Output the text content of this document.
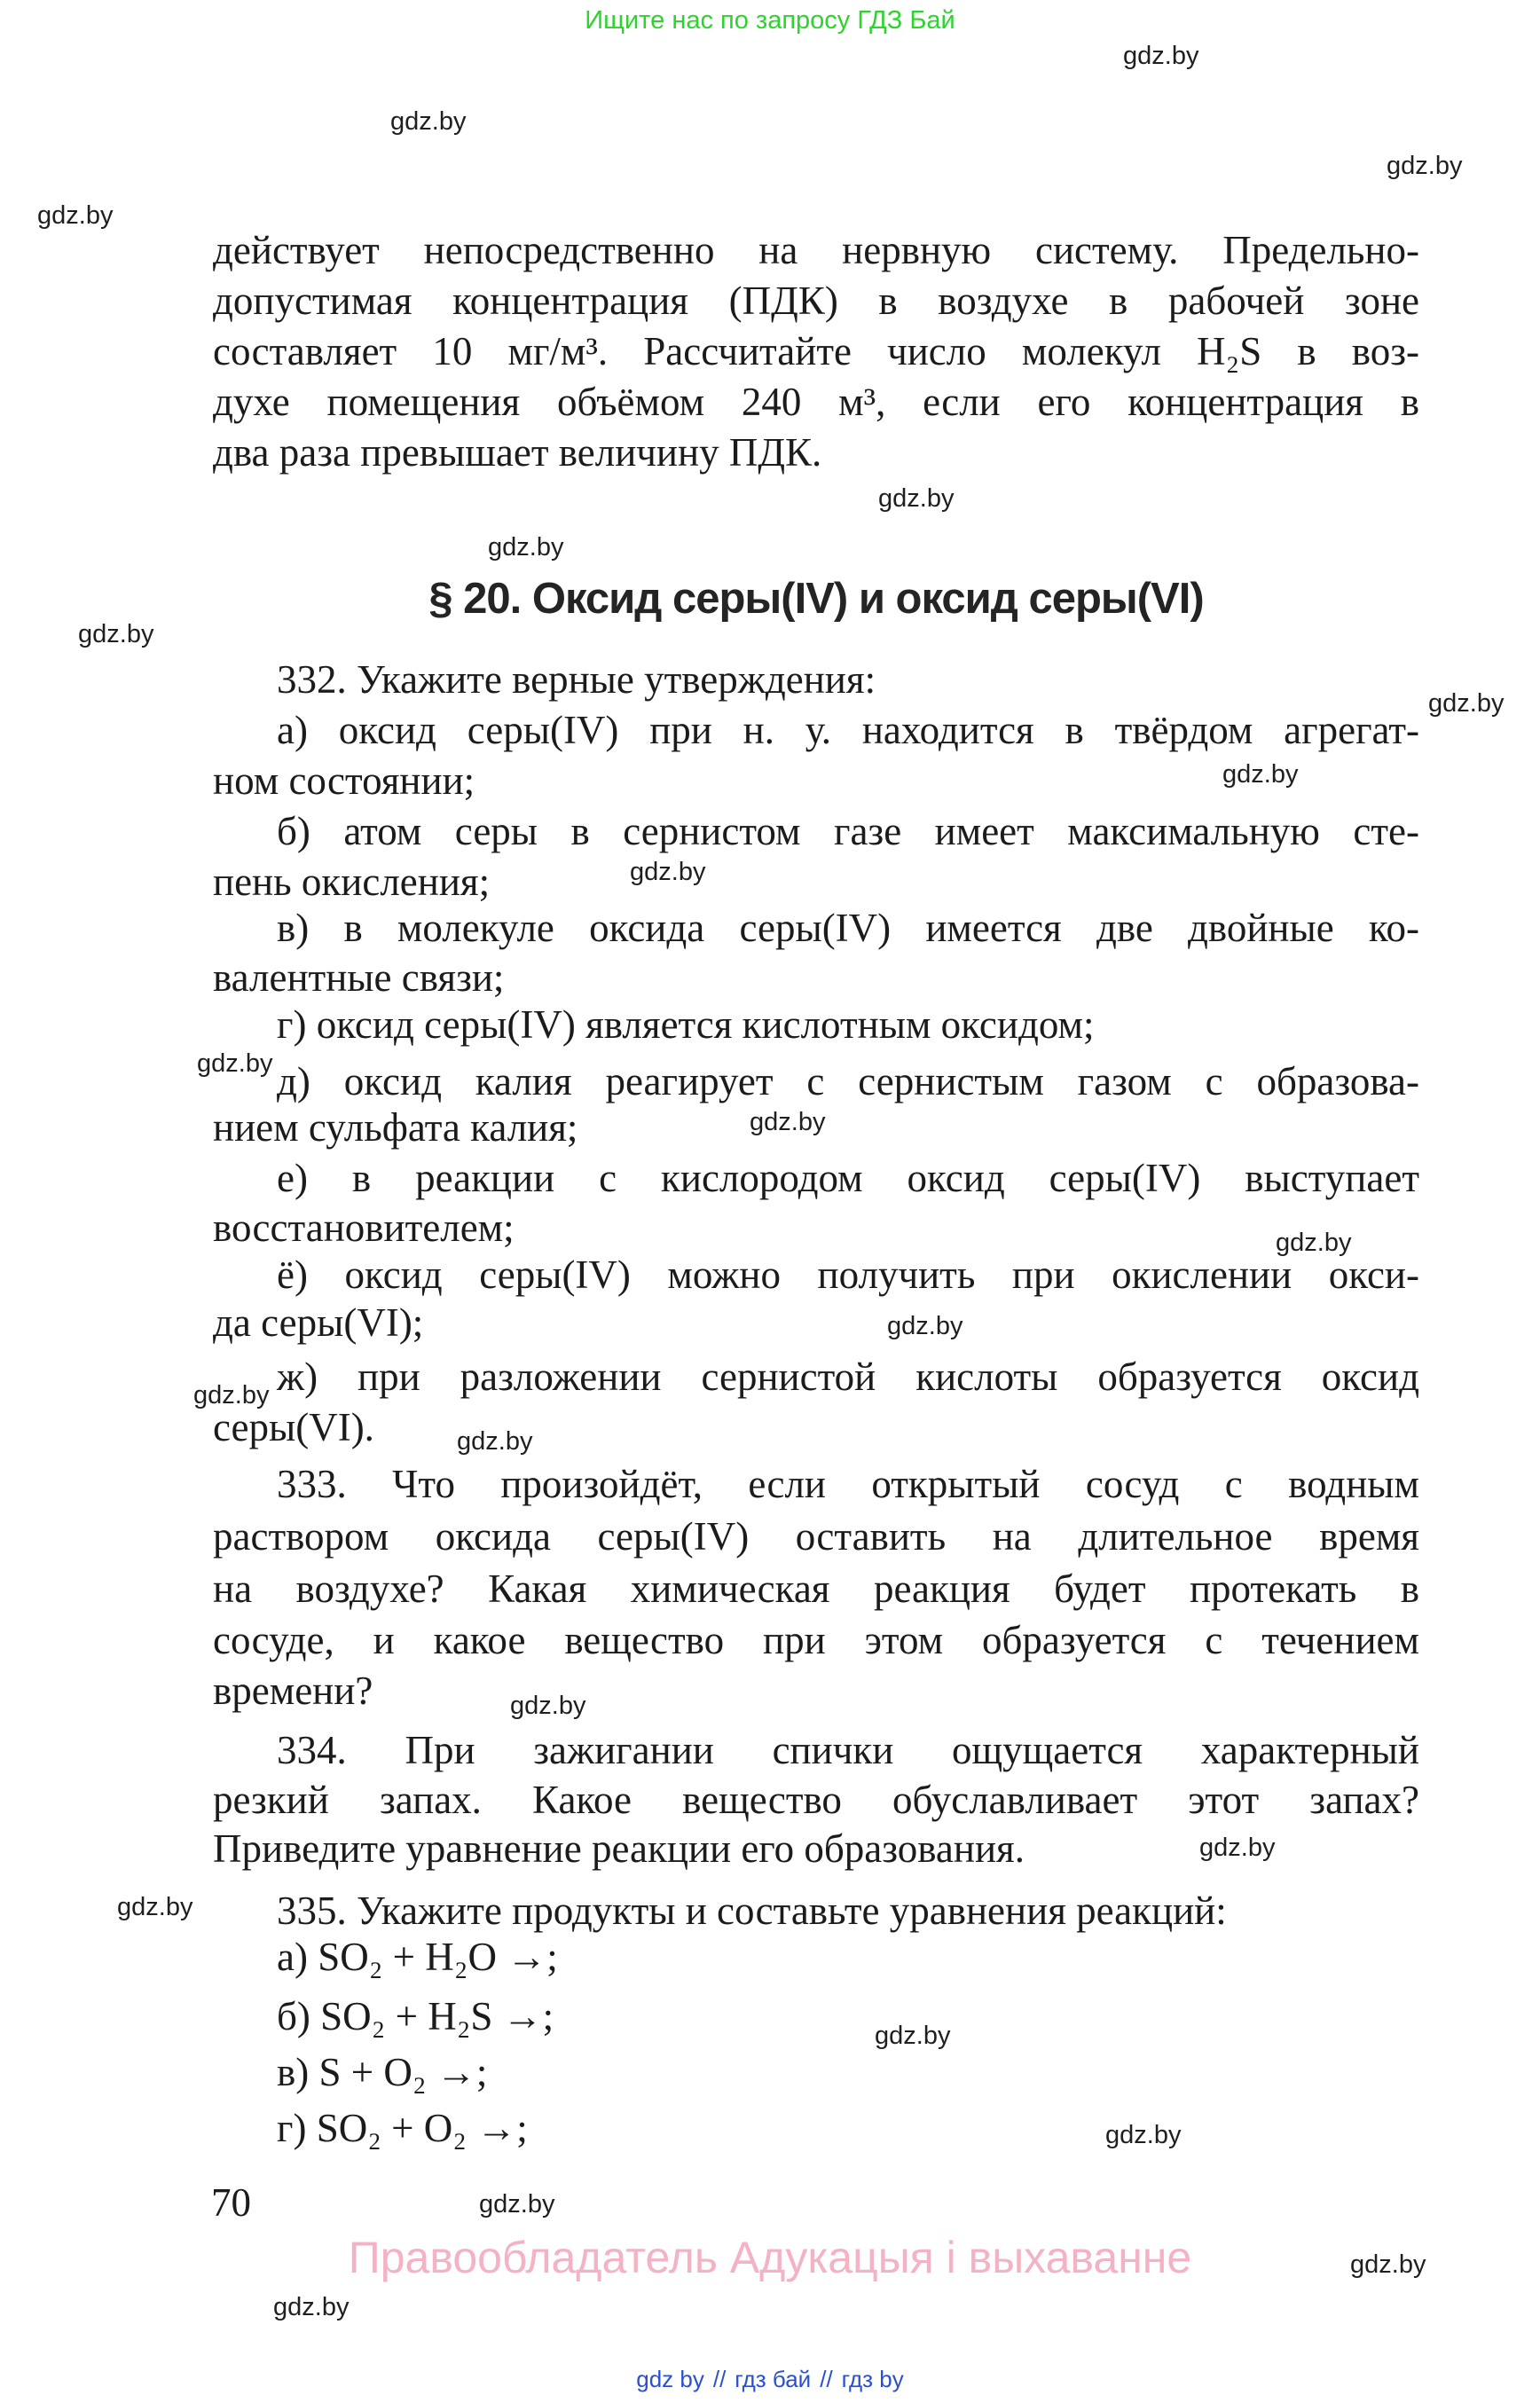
Ищите нас по запросу ГДЗ Бай
gdz.by
gdz.by
gdz.by
gdz.by
gdz.by
gdz.by
gdz.by
gdz.by
gdz.by
gdz.by
gdz.by
gdz.by
gdz.by
gdz.by
gdz.by
gdz.by
gdz.by
gdz.by
gdz.by
gdz.by
gdz.by
gdz.by
gdz.by
gdz.by
действует непосредственно на нервную систему. Предельно-
допустимая концентрация (ПДК) в воздухе в рабочей зоне
составляет 10 мг/м³. Рассчитайте число молекул H₂S в воз-
духе помещения объёмом 240 м³, если его концентрация в
два раза превышает величину ПДК.
§ 20. Оксид серы(IV) и оксид серы(VI)
332. Укажите верные утверждения:
а) оксид серы(IV) при н. у. находится в твёрдом агрегат-
ном состоянии;
б) атом серы в сернистом газе имеет максимальную сте-
пень окисления;
в) в молекуле оксида серы(IV) имеется две двойные ко-
валентные связи;
г) оксид серы(IV) является кислотным оксидом;
д) оксид калия реагирует с сернистым газом с образова-
нием сульфата калия;
е) в реакции с кислородом оксид серы(IV) выступает
восстановителем;
ё) оксид серы(IV) можно получить при окислении окси-
да серы(VI);
ж) при разложении сернистой кислоты образуется оксид
серы(VI).
333. Что произойдёт, если открытый сосуд с водным
раствором оксида серы(IV) оставить на длительное время
на воздухе? Какая химическая реакция будет протекать в
сосуде, и какое вещество при этом образуется с течением
времени?
334. При зажигании спички ощущается характерный
резкий запах. Какое вещество обуславливает этот запах?
Приведите уравнение реакции его образования.
335. Укажите продукты и составьте уравнения реакций:
а) SO₂ + H₂O →;
б) SO₂ + H₂S →;
в) S + O₂ →;
г) SO₂ + O₂ →;
70
Правообладатель Адукацыя і выхаванне
gdz by // гдз бай // гдз by
